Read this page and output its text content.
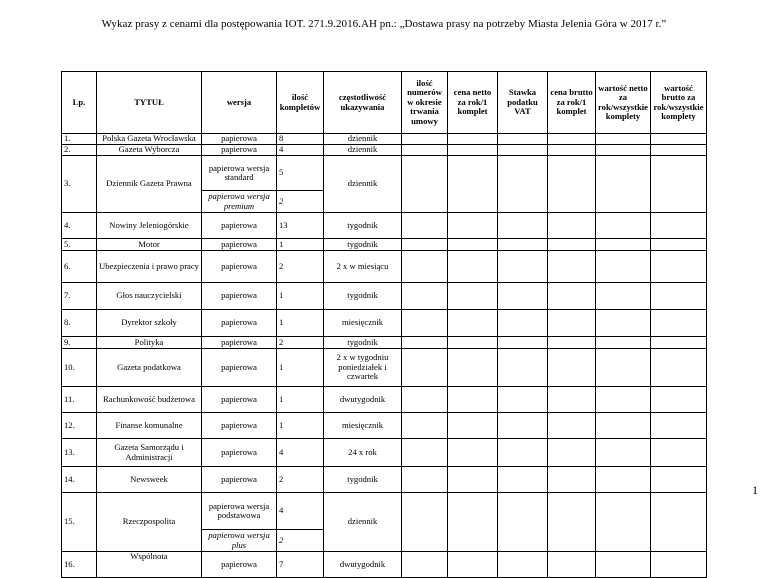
Wykaz prasy z cenami dla postępowania IOT. 271.9.2016.AH pn.: „Dostawa prasy na potrzeby Miasta Jelenia Góra w 2017 r.”
Lp.	TYTUŁ	wersja	ilość kompletów	częstotliwość ukazywania	ilość numerów w okresie trwania umowy	cena netto za rok/1 komplet	Stawka podatku VAT	cena brutto za rok/1 komplet	wartość netto za rok/wszystkie komplety	wartość brutto za rok/wszystkie komplety
1.	Polska Gazeta Wrocławska	papierowa	8	dziennik						
2.	Gazeta Wyborcza	papierowa	4	dziennik						
3.	Dziennik Gazeta Prawna	papierowa wersja standard	5	dziennik						
		papierowa wersja premium	2							
4.	Nowiny Jeleniogórskie	papierowa	13	tygodnik						
5.	Motor	papierowa	1	tygodnik						
6.	Ubezpieczenia i prawo pracy	papierowa	2	2 x w miesiącu						
7.	Głos nauczycielski	papierowa	1	tygodnik						
8.	Dyrektor szkoły	papierowa	1	miesięcznik						
9.	Polityka	papierowa	2	tygodnik						
10.	Gazeta podatkowa	papierowa	1	2 x w tygodniu poniedziałek i czwartek						
11.	Rachunkowość budżetowa	papierowa	1	dwutygodnik						
12.	Finanse komunalne	papierowa	1	miesięcznik						
13.	Gazeta Samorządu i Administracji	papierowa	4	24 x rok						
14.	Newsweek	papierowa	2	tygodnik						
15.	Rzeczpospolita	papierowa wersja podstawowa	4	dziennik						
		papierowa wersja plus	2							
16.	Wspólnota	papierowa	7	dwutygodnik						
1
